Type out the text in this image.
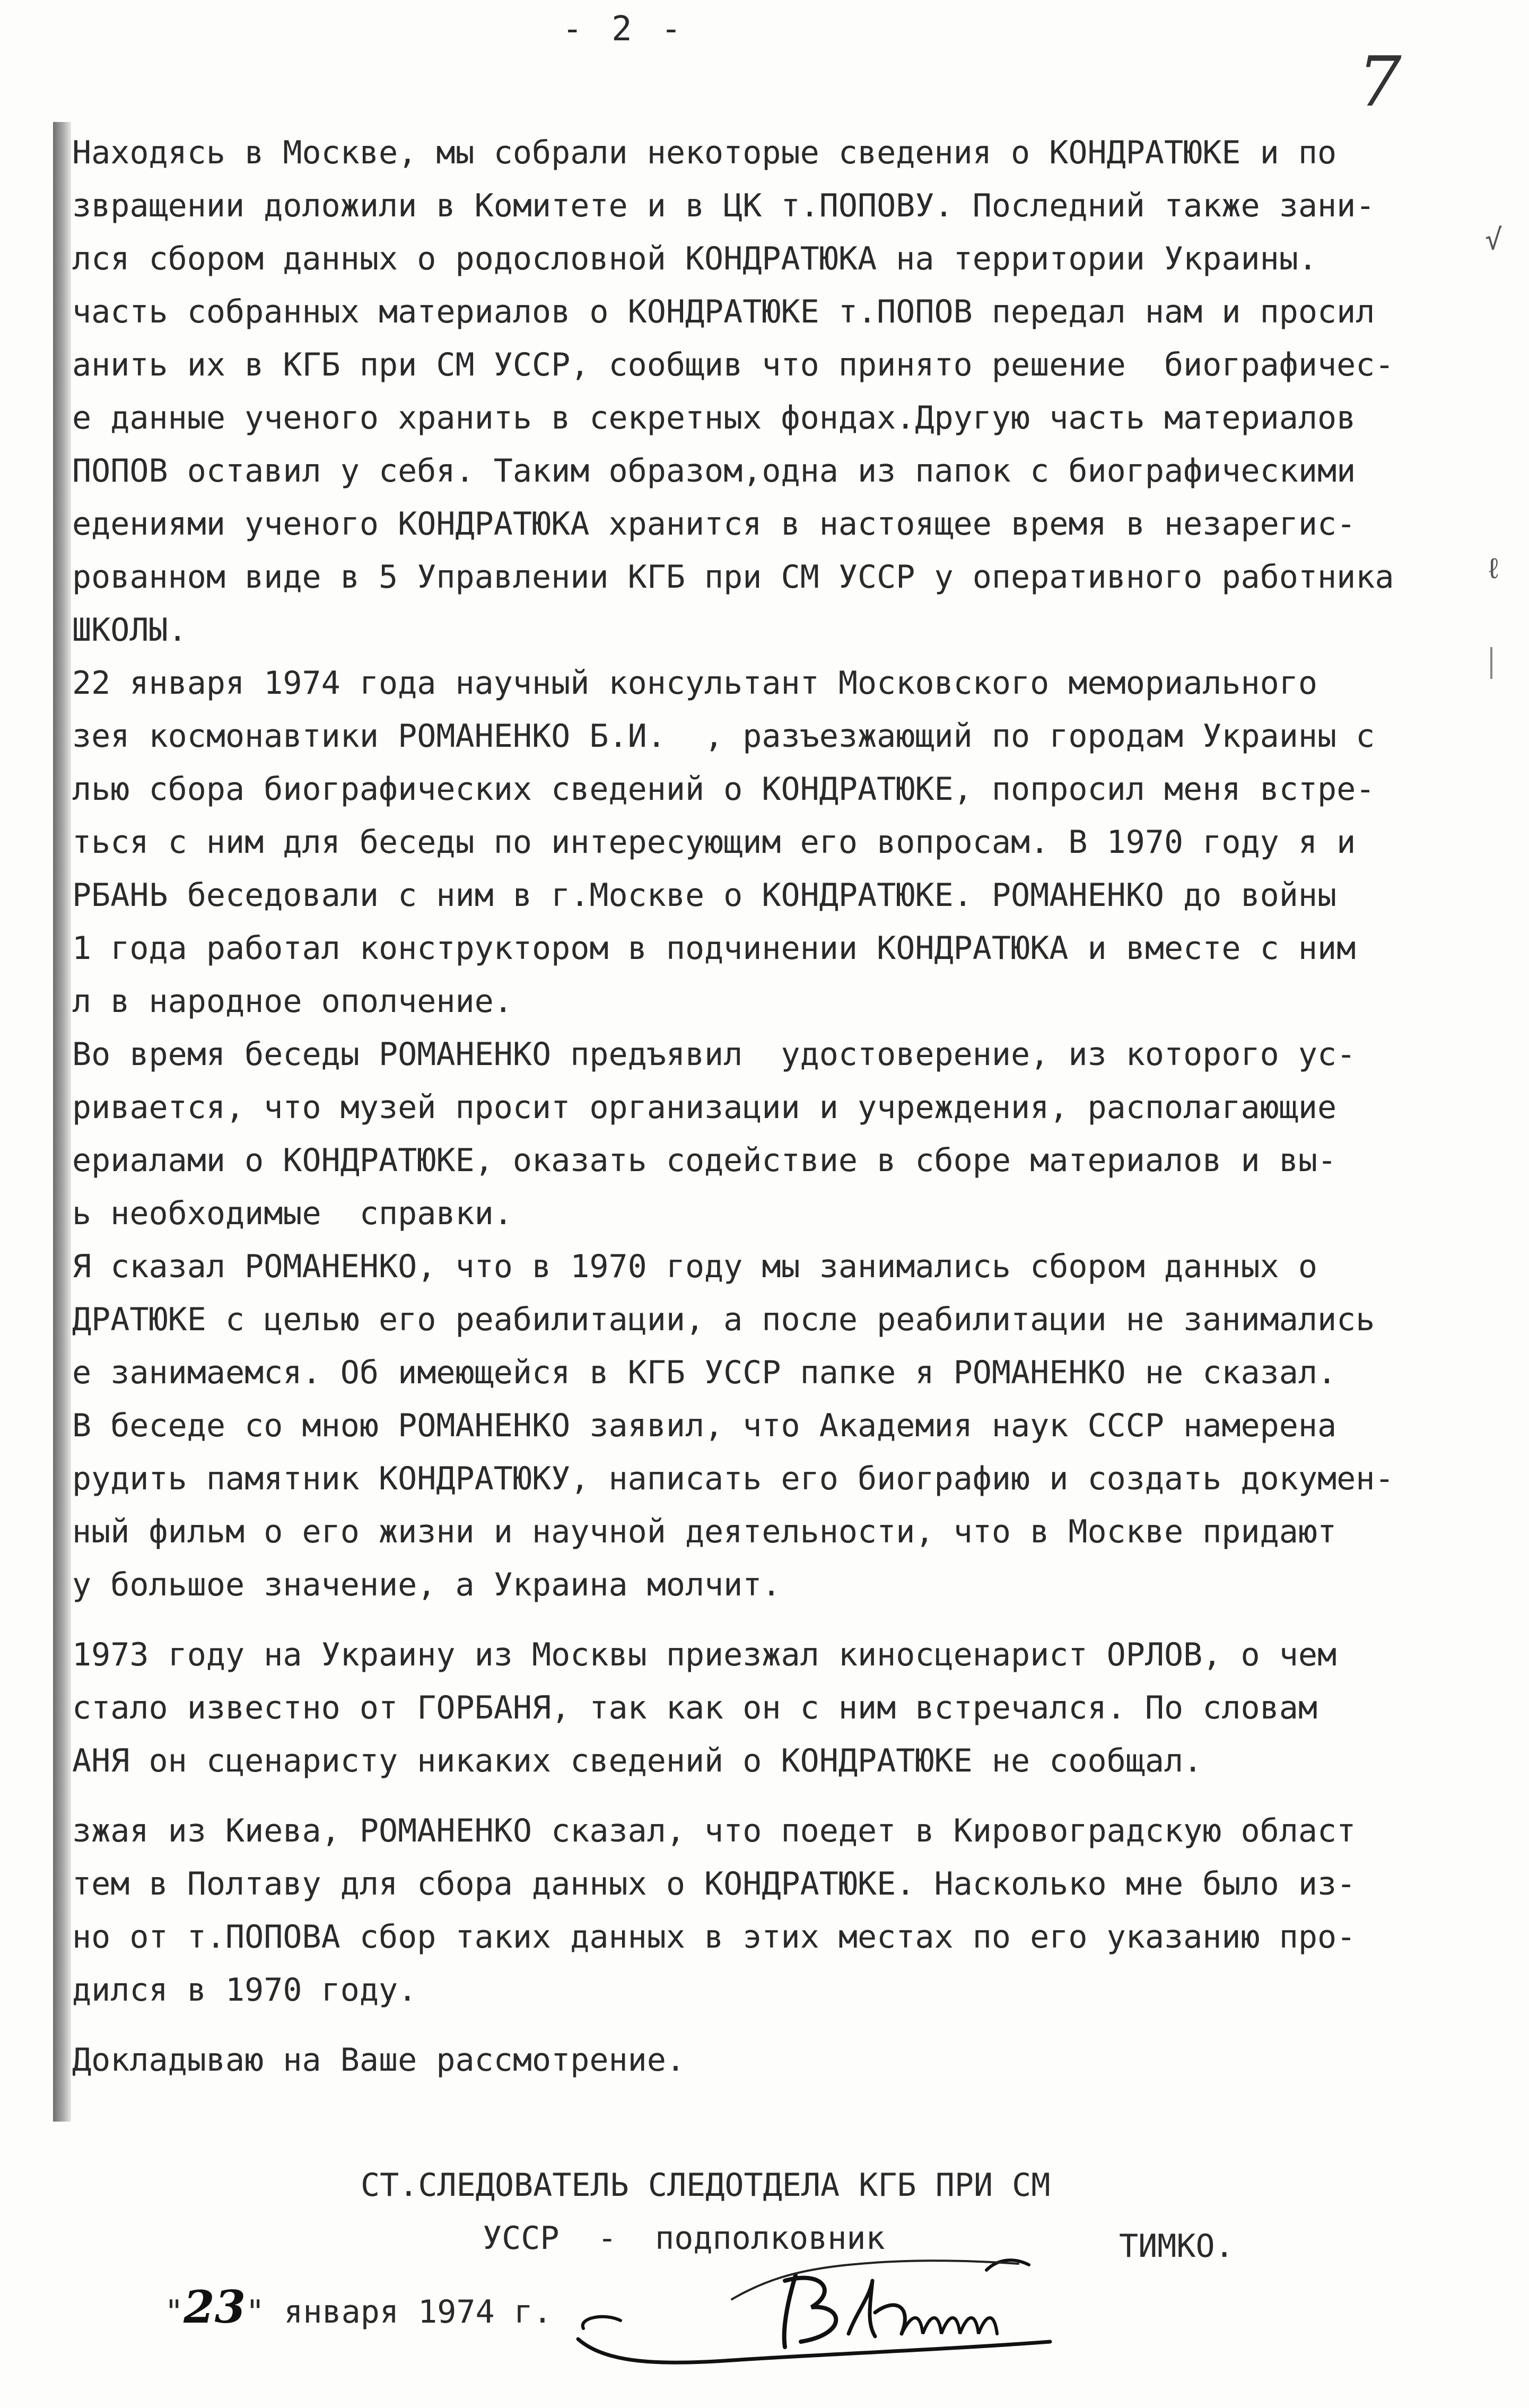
- 2 -
7
√
ℓ
Находясь в Москве, мы собрали некоторые сведения о КОНДРАТЮКЕ и по
звращении доложили в Комитете и в ЦК т.ПОПОВУ. Последний также зани-
лся сбором данных о родословной КОНДРАТЮКА на территории Украины.
часть собранных материалов о КОНДРАТЮКЕ т.ПОПОВ передал нам и просил
анить их в КГБ при СМ УССР, сообщив что принято решение  биографичес-
е данные ученого хранить в секретных фондах.Другую часть материалов
ПОПОВ оставил у себя. Таким образом,одна из папок с биографическими
едениями ученого КОНДРАТЮКА хранится в настоящее время в незарегис-
рованном виде в 5 Управлении КГБ при СМ УССР у оперативного работника
ШКОЛЫ.
22 января 1974 года научный консультант Московского мемориального
зея космонавтики РОМАНЕНКО Б.И.  , разъезжающий по городам Украины с
лью сбора биографических сведений о КОНДРАТЮКЕ, попросил меня встре-
ться с ним для беседы по интересующим его вопросам. В 1970 году я и
РБАНЬ беседовали с ним в г.Москве о КОНДРАТЮКЕ. РОМАНЕНКО до войны
1 года работал конструктором в подчинении КОНДРАТЮКА и вместе с ним
л в народное ополчение.
Во время беседы РОМАНЕНКО предъявил  удостоверение, из которого ус-
ривается, что музей просит организации и учреждения, располагающие
ериалами о КОНДРАТЮКЕ, оказать содействие в сборе материалов и вы-
ь необходимые  справки.
Я сказал РОМАНЕНКО, что в 1970 году мы занимались сбором данных о
ДРАТЮКЕ с целью его реабилитации, а после реабилитации не занимались
е занимаемся. Об имеющейся в КГБ УССР папке я РОМАНЕНКО не сказал.
В беседе со мною РОМАНЕНКО заявил, что Академия наук СССР намерена
рудить памятник КОНДРАТЮКУ, написать его биографию и создать докумен-
ный фильм о его жизни и научной деятельности, что в Москве придают
у большое значение, а Украина молчит.
1973 году на Украину из Москвы приезжал киносценарист ОРЛОВ, о чем
стало известно от ГОРБАНЯ, так как он с ним встречался. По словам
АНЯ он сценаристу никаких сведений о КОНДРАТЮКЕ не сообщал.
зжая из Киева, РОМАНЕНКО сказал, что поедет в Кировоградскую област
тем в Полтаву для сбора данных о КОНДРАТЮКЕ. Насколько мне было из-
но от т.ПОПОВА сбор таких данных в этих местах по его указанию про-
дился в 1970 году.
Докладываю на Ваше рассмотрение.
СТ.СЛЕДОВАТЕЛЬ СЛЕДОТДЕЛА КГБ ПРИ СМ
УССР  -  подполковник	ТИМКО.
"23" января 1974 г.
